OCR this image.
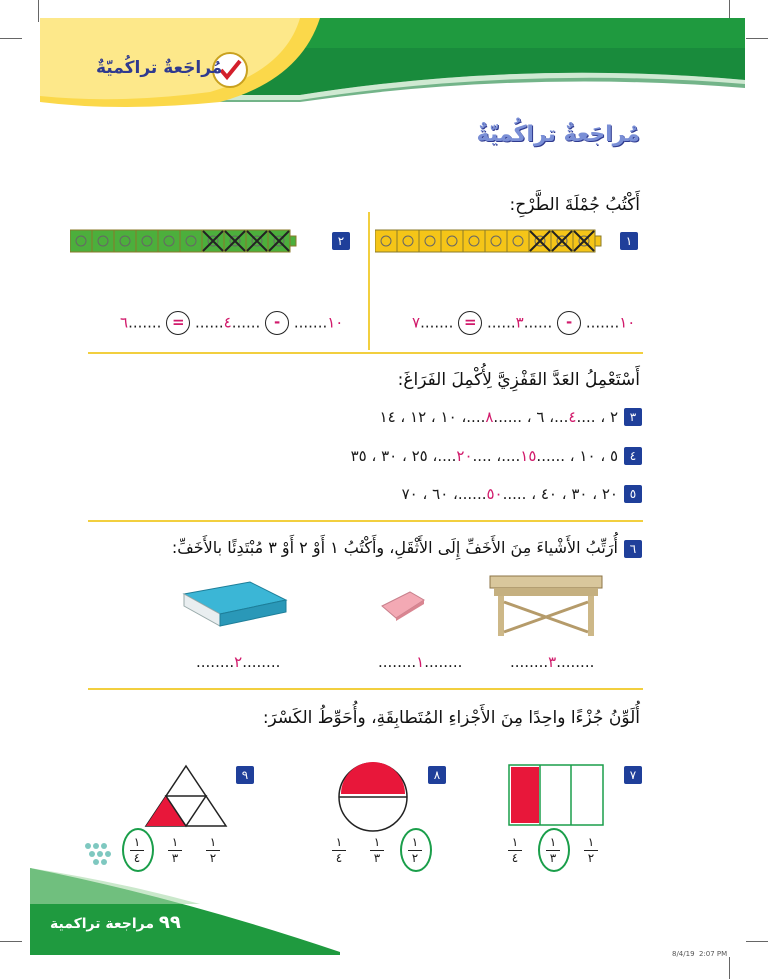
مُراجَعةٌ تراكُميّةٌ
مُراجَعةٌ تراكُميّةٌ
أَكْتُبُ جُمْلَةَ الطَّرْحِ:
١
٢
١٠....... - ......٣...... = .......٧
١٠....... - ......٤...... = .......٦
أَسْتَعْمِلُ العَدَّ القَفْزِيَّ لِأُكْمِلَ الفَرَاغَ:
٣
٢ ، ....٤...، ٦ ، ......٨....، ١٠ ، ١٢ ، ١٤
٤
٥ ، ١٠ ، ......١٥....، ....٢٠....، ٢٥ ، ٣٠ ، ٣٥
٥
٢٠ ، ٣٠ ، ٤٠ ، .....٥٠......، ٦٠ ، ٧٠
٦
أُرَتِّبُ الأَشْياءَ مِنَ الأَخَفِّ إِلَى الأَثْقَلِ، وأَكْتُبُ ١ أَوْ ٢ أَوْ ٣ مُبْتَدِئًا بالأَخَفِّ:
........٣........
........١........
........٢........
أُلَوِّنُ جُزْءًا واحِدًا مِنَ الأَجْزاءِ المُتَطابِقَةِ، وأُحَوِّطُ الكَسْرَ:
٧
٨
٩
٩٩ مراجعة تراكمية
8/4/19 2:07 PM
١
٤
١
٣
١
٢
١
٤
١
٣
١
٢
١
٤
١
٣
١
٢
